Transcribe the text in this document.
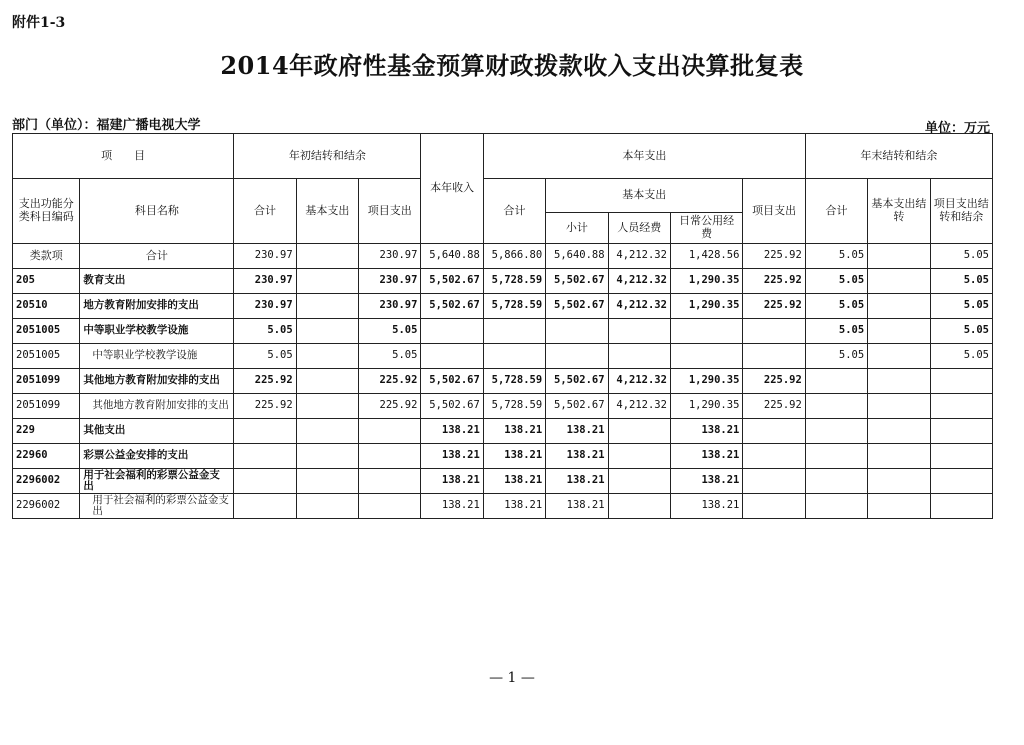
附件1-3
2014年政府性基金预算财政拨款收入支出决算批复表
部门（单位）：福建广播电视大学	单位：万元
项　　目		年初结转和结余			本年收入	本年支出					年末结转和结余		
支出功能分类科目编码	科目名称	合计	基本支出	项目支出		合计	基本支出			项目支出	合计	基本支出结转	项目支出结转和结余
							小计	人员经费	日常公用经费				
类款项	合计	230.97		230.97	5,640.88	5,866.80	5,640.88	4,212.32	1,428.56	225.92	5.05		5.05
205	教育支出	230.97		230.97	5,502.67	5,728.59	5,502.67	4,212.32	1,290.35	225.92	5.05		5.05
20510	地方教育附加安排的支出	230.97		230.97	5,502.67	5,728.59	5,502.67	4,212.32	1,290.35	225.92	5.05		5.05
2051005	中等职业学校教学设施	5.05		5.05							5.05		5.05
2051005	中等职业学校教学设施	5.05		5.05							5.05		5.05
2051099	其他地方教育附加安排的支出	225.92		225.92	5,502.67	5,728.59	5,502.67	4,212.32	1,290.35	225.92			
2051099	其他地方教育附加安排的支出	225.92		225.92	5,502.67	5,728.59	5,502.67	4,212.32	1,290.35	225.92			
229	其他支出				138.21	138.21	138.21		138.21				
22960	彩票公益金安排的支出				138.21	138.21	138.21		138.21				
2296002	用于社会福利的彩票公益金支出				138.21	138.21	138.21		138.21				
2296002	用于社会福利的彩票公益金支出				138.21	138.21	138.21		138.21				
— 1 —
